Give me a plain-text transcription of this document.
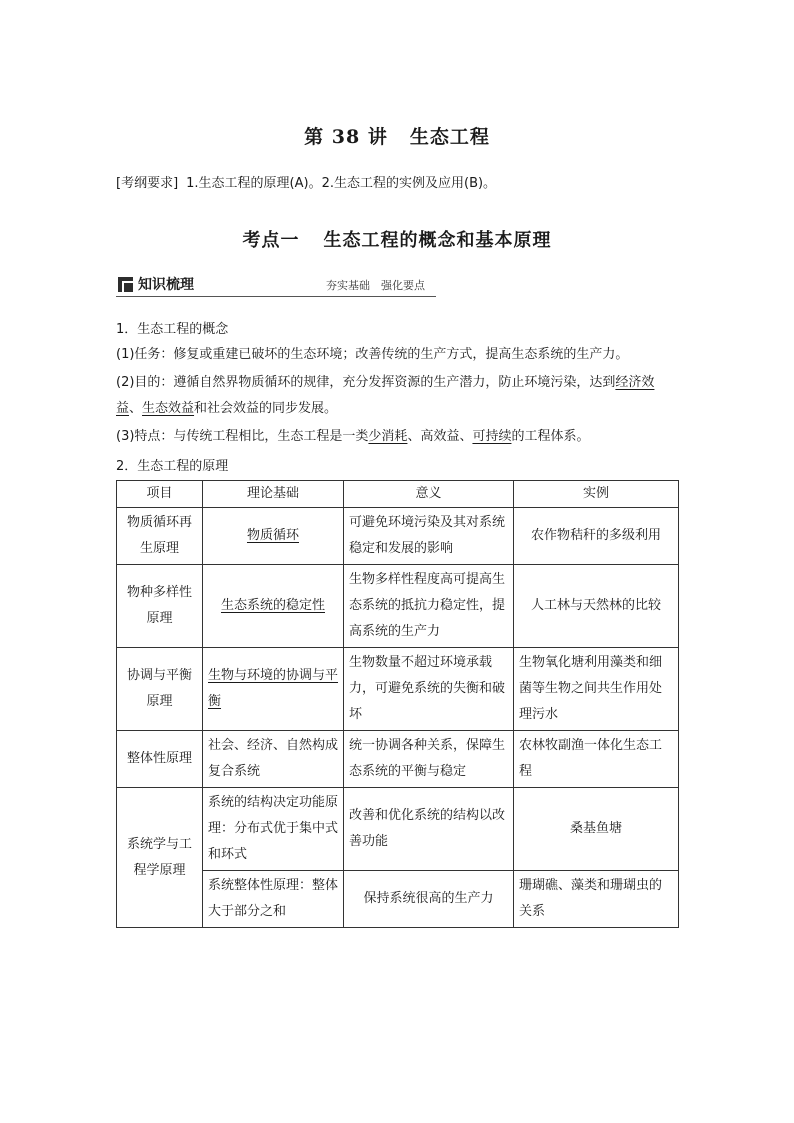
第 38 讲 生态工程
[考纲要求] 1.生态工程的原理(A)。2.生态工程的实例及应用(B)。
考点一 生态工程的概念和基本原理
知识梳理	夯实基础　强化要点
1．生态工程的概念
(1)任务：修复或重建已破坏的生态环境；改善传统的生产方式，提高生态系统的生产力。
(2)目的：遵循自然界物质循环的规律，充分发挥资源的生产潜力，防止环境污染，达到经济效益、生态效益和社会效益的同步发展。
(3)特点：与传统工程相比，生态工程是一类少消耗、高效益、可持续的工程体系。
2．生态工程的原理
项目	理论基础	意义	实例
物质循环再生原理	物质循环	可避免环境污染及其对系统稳定和发展的影响	农作物秸秆的多级利用
物种多样性原理	生态系统的稳定性	生物多样性程度高可提高生态系统的抵抗力稳定性，提高系统的生产力	人工林与天然林的比较
协调与平衡原理	生物与环境的协调与平衡	生物数量不超过环境承载力，可避免系统的失衡和破坏	生物氧化塘利用藻类和细菌等生物之间共生作用处理污水
整体性原理	社会、经济、自然构成复合系统	统一协调各种关系，保障生态系统的平衡与稳定	农林牧副渔一体化生态工程
系统学与工程学原理	系统的结构决定功能原理：分布式优于集中式和环式	改善和优化系统的结构以改善功能	桑基鱼塘
	系统整体性原理：整体大于部分之和	保持系统很高的生产力	珊瑚礁、藻类和珊瑚虫的关系
